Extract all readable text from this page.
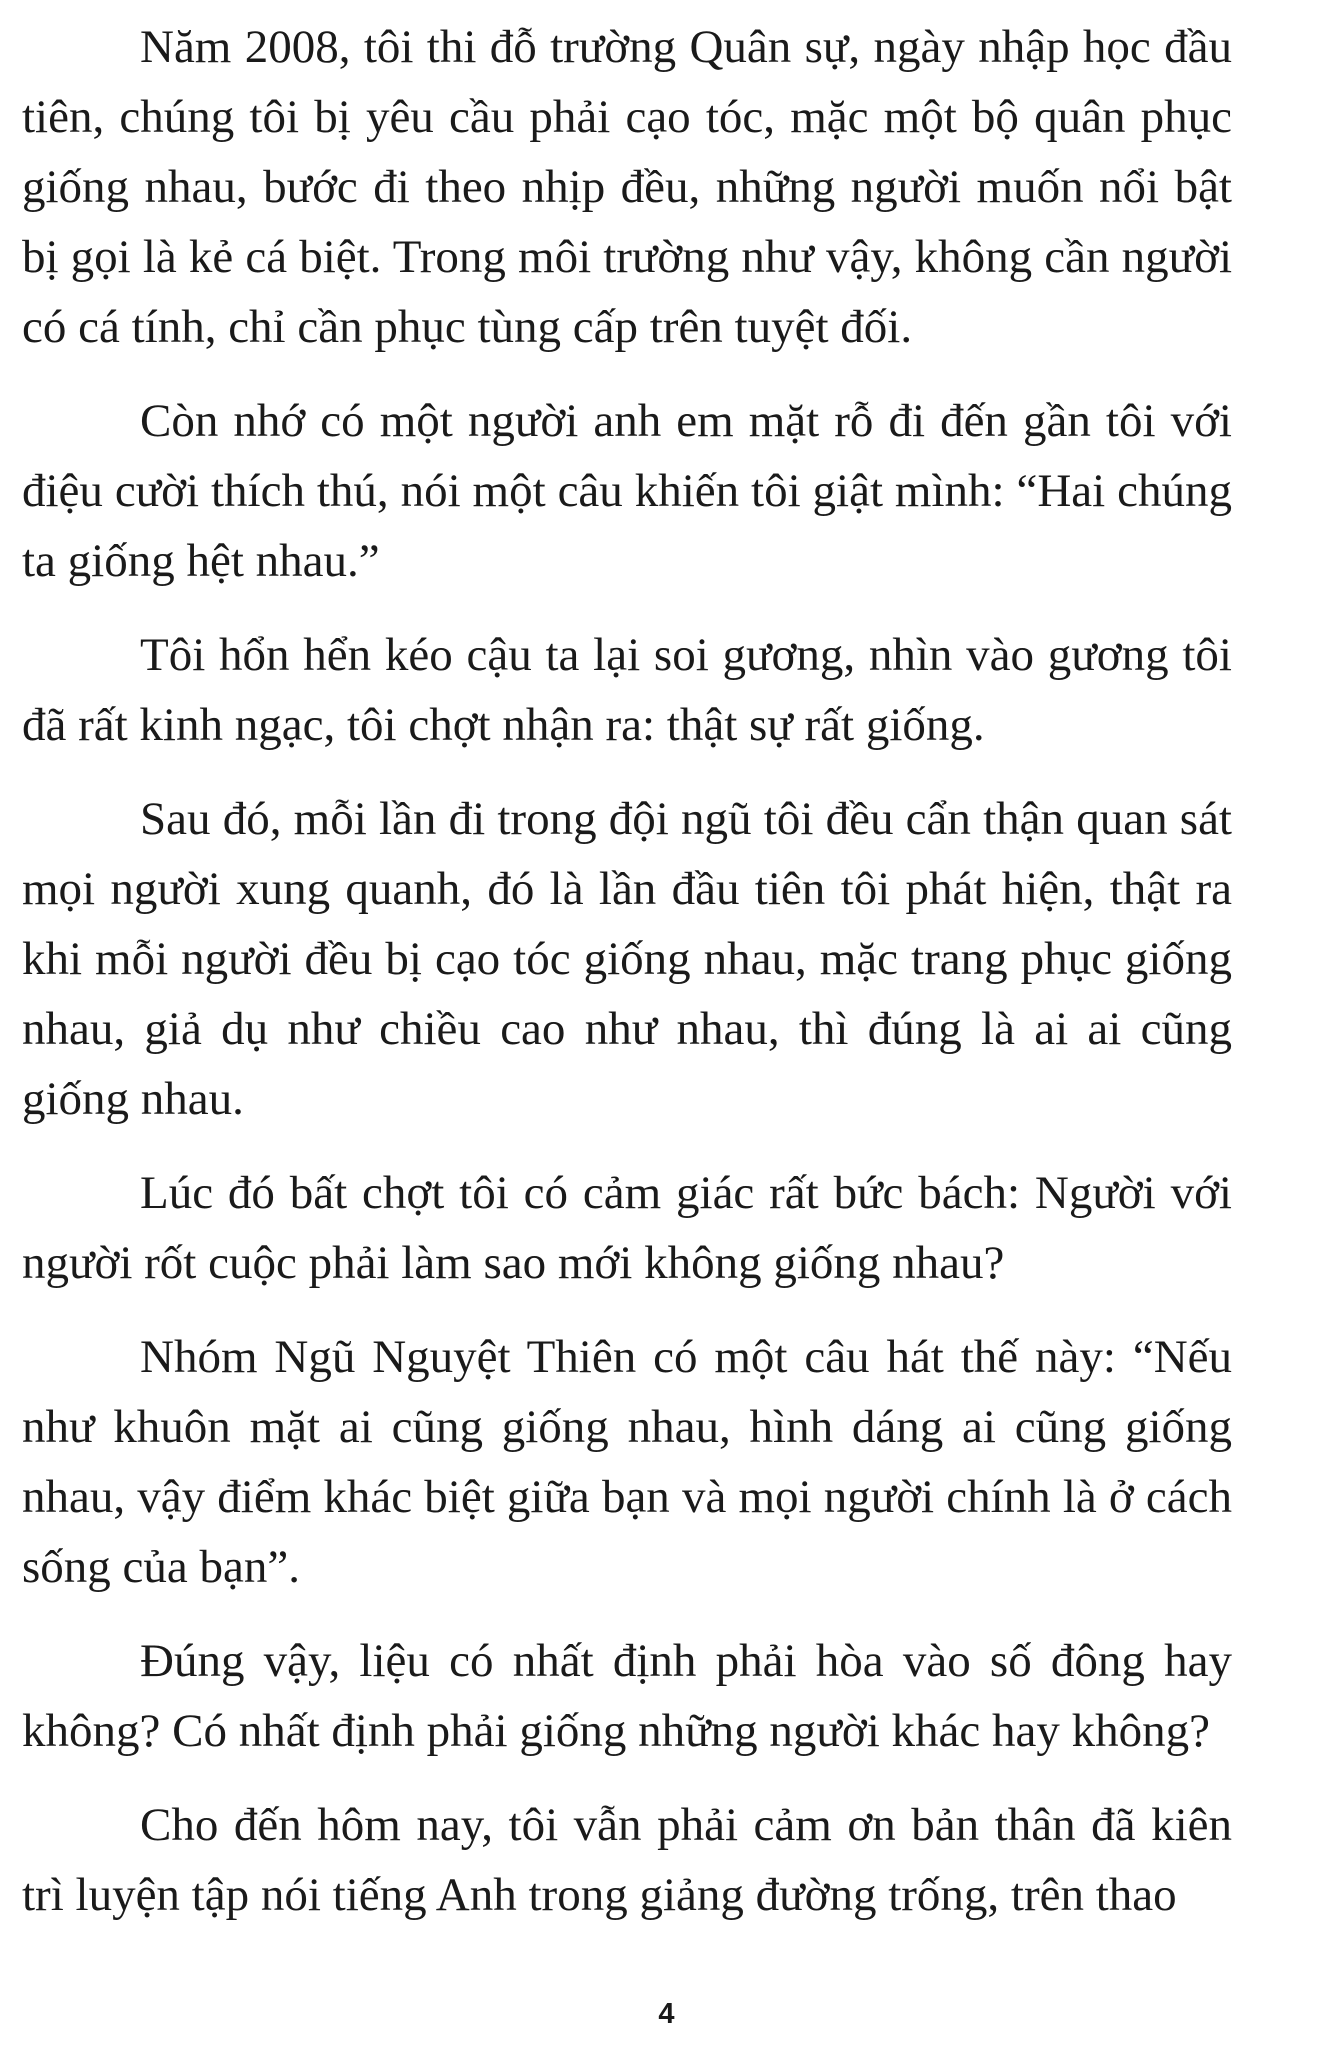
Năm 2008, tôi thi đỗ trường Quân sự, ngày nhập học đầu tiên, chúng tôi bị yêu cầu phải cạo tóc, mặc một bộ quân phục giống nhau, bước đi theo nhịp đều, những người muốn nổi bật bị gọi là kẻ cá biệt. Trong môi trường như vậy, không cần người có cá tính, chỉ cần phục tùng cấp trên tuyệt đối.

Còn nhớ có một người anh em mặt rỗ đi đến gần tôi với điệu cười thích thú, nói một câu khiến tôi giật mình: “Hai chúng ta giống hệt nhau.”

Tôi hổn hển kéo cậu ta lại soi gương, nhìn vào gương tôi đã rất kinh ngạc, tôi chợt nhận ra: thật sự rất giống.

Sau đó, mỗi lần đi trong đội ngũ tôi đều cẩn thận quan sát mọi người xung quanh, đó là lần đầu tiên tôi phát hiện, thật ra khi mỗi người đều bị cạo tóc giống nhau, mặc trang phục giống nhau, giả dụ như chiều cao như nhau, thì đúng là ai ai cũng giống nhau.

Lúc đó bất chợt tôi có cảm giác rất bức bách: Người với người rốt cuộc phải làm sao mới không giống nhau?

Nhóm Ngũ Nguyệt Thiên có một câu hát thế này: “Nếu như khuôn mặt ai cũng giống nhau, hình dáng ai cũng giống nhau, vậy điểm khác biệt giữa bạn và mọi người chính là ở cách sống của bạn”.

Đúng vậy, liệu có nhất định phải hòa vào số đông hay không? Có nhất định phải giống những người khác hay không?

Cho đến hôm nay, tôi vẫn phải cảm ơn bản thân đã kiên trì luyện tập nói tiếng Anh trong giảng đường trống, trên thao

4
